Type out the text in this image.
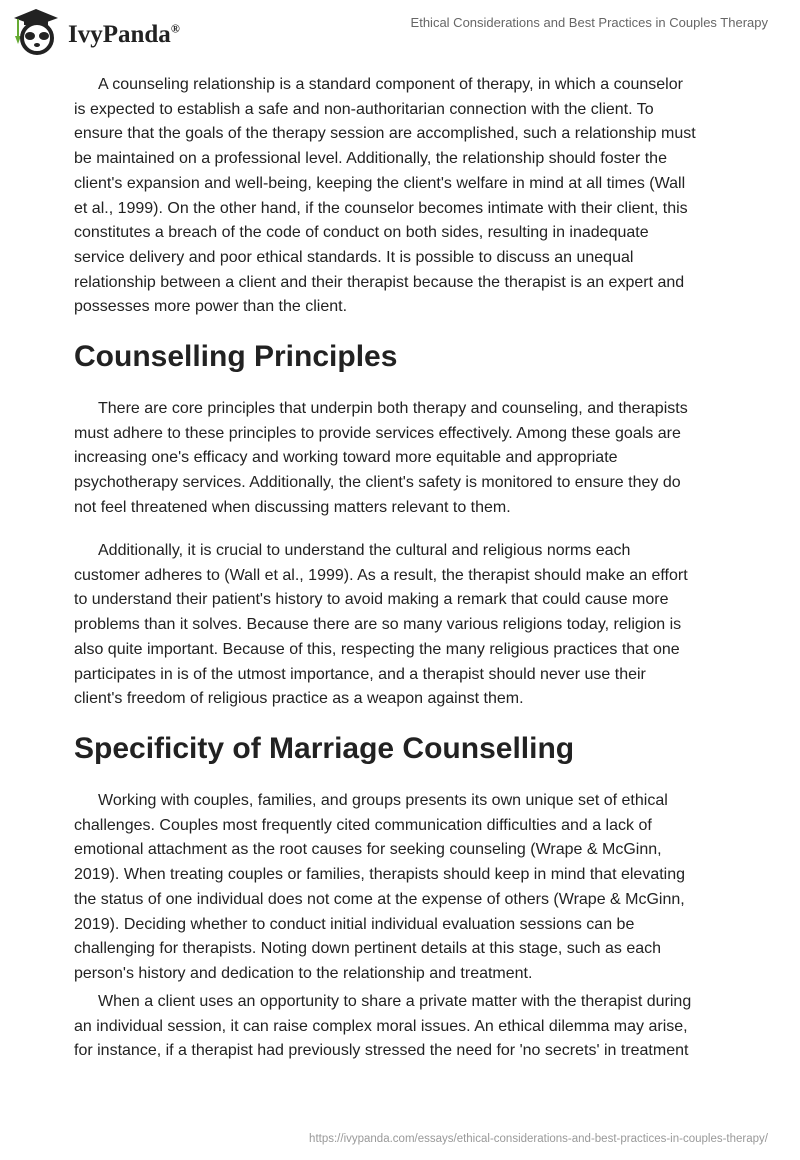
IvyPanda®	Ethical Considerations and Best Practices in Couples Therapy
A counseling relationship is a standard component of therapy, in which a counselor
is expected to establish a safe and non-authoritarian connection with the client. To
ensure that the goals of the therapy session are accomplished, such a relationship must
be maintained on a professional level. Additionally, the relationship should foster the
client's expansion and well-being, keeping the client's welfare in mind at all times (Wall
et al., 1999). On the other hand, if the counselor becomes intimate with their client, this
constitutes a breach of the code of conduct on both sides, resulting in inadequate
service delivery and poor ethical standards. It is possible to discuss an unequal
relationship between a client and their therapist because the therapist is an expert and
possesses more power than the client.
Counselling Principles
There are core principles that underpin both therapy and counseling, and therapists
must adhere to these principles to provide services effectively. Among these goals are
increasing one's efficacy and working toward more equitable and appropriate
psychotherapy services. Additionally, the client's safety is monitored to ensure they do
not feel threatened when discussing matters relevant to them.
Additionally, it is crucial to understand the cultural and religious norms each
customer adheres to (Wall et al., 1999). As a result, the therapist should make an effort
to understand their patient's history to avoid making a remark that could cause more
problems than it solves. Because there are so many various religions today, religion is
also quite important. Because of this, respecting the many religious practices that one
participates in is of the utmost importance, and a therapist should never use their
client's freedom of religious practice as a weapon against them.
Specificity of Marriage Counselling
Working with couples, families, and groups presents its own unique set of ethical
challenges. Couples most frequently cited communication difficulties and a lack of
emotional attachment as the root causes for seeking counseling (Wrape & McGinn,
2019). When treating couples or families, therapists should keep in mind that elevating
the status of one individual does not come at the expense of others (Wrape & McGinn,
2019). Deciding whether to conduct initial individual evaluation sessions can be
challenging for therapists. Noting down pertinent details at this stage, such as each
person's history and dedication to the relationship and treatment.
When a client uses an opportunity to share a private matter with the therapist during
an individual session, it can raise complex moral issues. An ethical dilemma may arise,
for instance, if a therapist had previously stressed the need for 'no secrets' in treatment
https://ivypanda.com/essays/ethical-considerations-and-best-practices-in-couples-therapy/
